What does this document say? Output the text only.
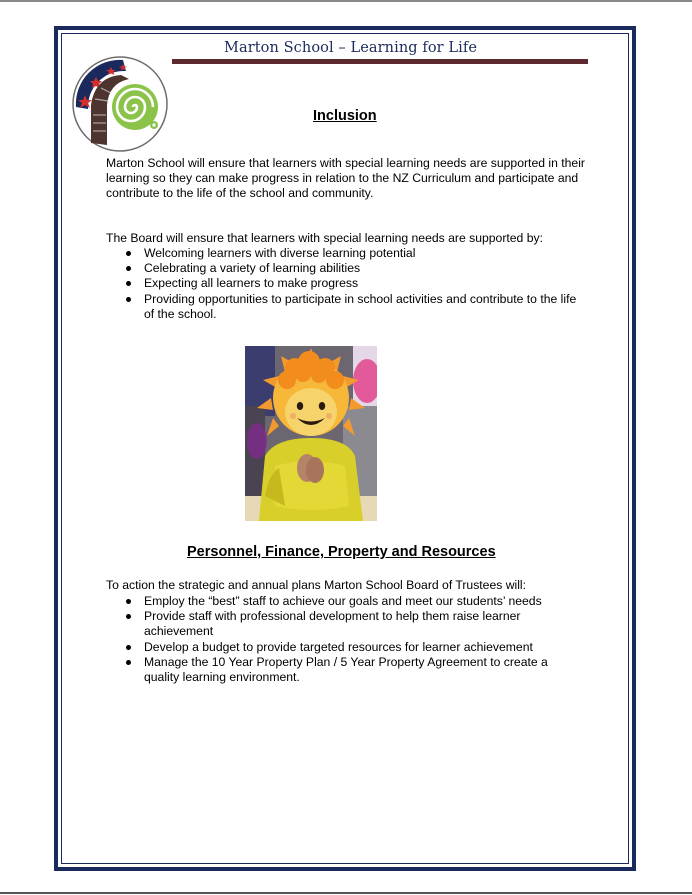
Marton School – Learning for Life
Inclusion

Marton School will ensure that learners with special learning needs are supported in their learning so they can make progress in relation to the NZ Curriculum and participate and contribute to the life of the school and community.

The Board will ensure that learners with special learning needs are supported by:

Welcoming learners with diverse learning potential
Celebrating a variety of learning abilities
Expecting all learners to make progress
Providing opportunities to participate in school activities and contribute to the life of the school.
Personnel, Finance, Property and Resources

To action the strategic and annual plans Marton School Board of Trustees will:

Employ the “best” staff to achieve our goals and meet our students’ needs
Provide staff with professional development to help them raise learner achievement
Develop a budget to provide targeted resources for learner achievement
Manage the 10 Year Property Plan / 5 Year Property Agreement to create a quality learning environment.
